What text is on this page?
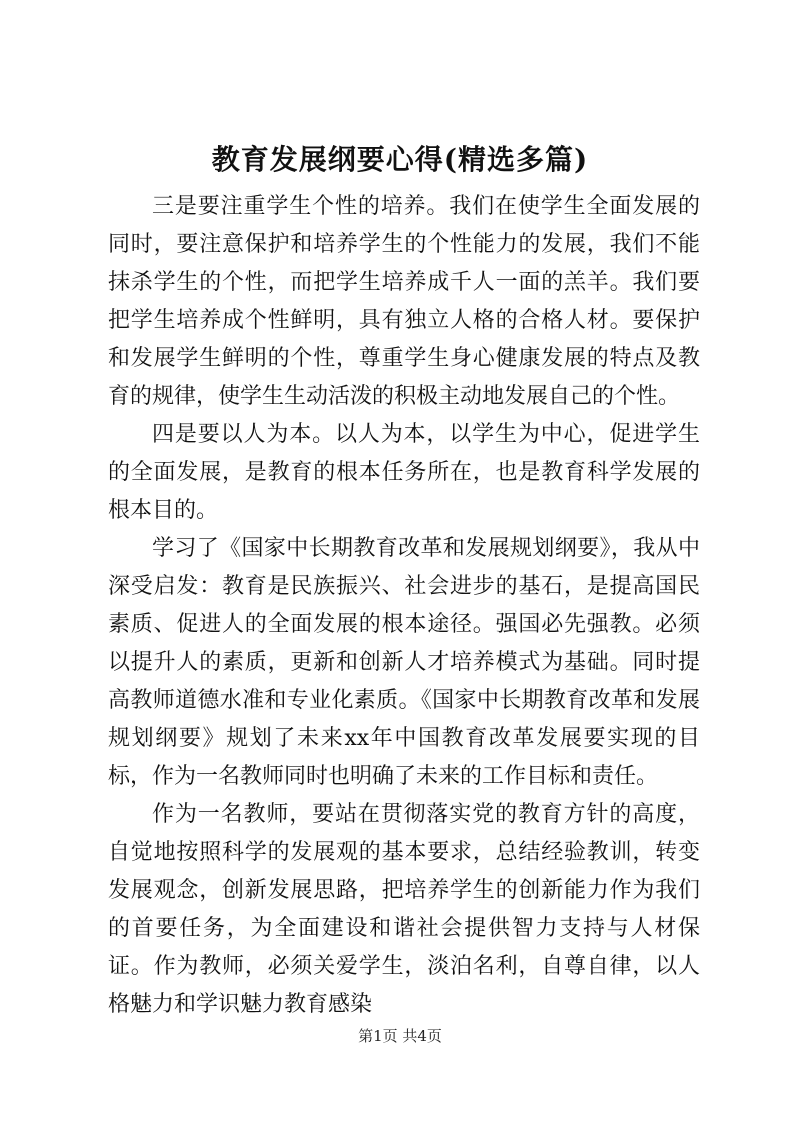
教育发展纲要心得(精选多篇)

三是要注重学生个性的培养。我们在使学生全面发展的同时，要注意保护和培养学生的个性能力的发展，我们不能抹杀学生的个性，而把学生培养成千人一面的羔羊。我们要把学生培养成个性鲜明，具有独立人格的合格人材。要保护和发展学生鲜明的个性，尊重学生身心健康发展的特点及教育的规律，使学生生动活泼的积极主动地发展自己的个性。

四是要以人为本。以人为本，以学生为中心，促进学生的全面发展，是教育的根本任务所在，也是教育科学发展的根本目的。

学习了《国家中长期教育改革和发展规划纲要》，我从中深受启发：教育是民族振兴、社会进步的基石，是提高国民素质、促进人的全面发展的根本途径。强国必先强教。必须以提升人的素质，更新和创新人才培养模式为基础。同时提高教师道德水准和专业化素质。《国家中长期教育改革和发展规划纲要》规划了未来xx年中国教育改革发展要实现的目标，作为一名教师同时也明确了未来的工作目标和责任。

作为一名教师，要站在贯彻落实党的教育方针的高度，自觉地按照科学的发展观的基本要求，总结经验教训，转变发展观念，创新发展思路，把培养学生的创新能力作为我们的首要任务，为全面建设和谐社会提供智力支持与人材保证。作为教师，必须关爱学生，淡泊名利，自尊自律，以人格魅力和学识魅力教育感染

第1页 共4页
